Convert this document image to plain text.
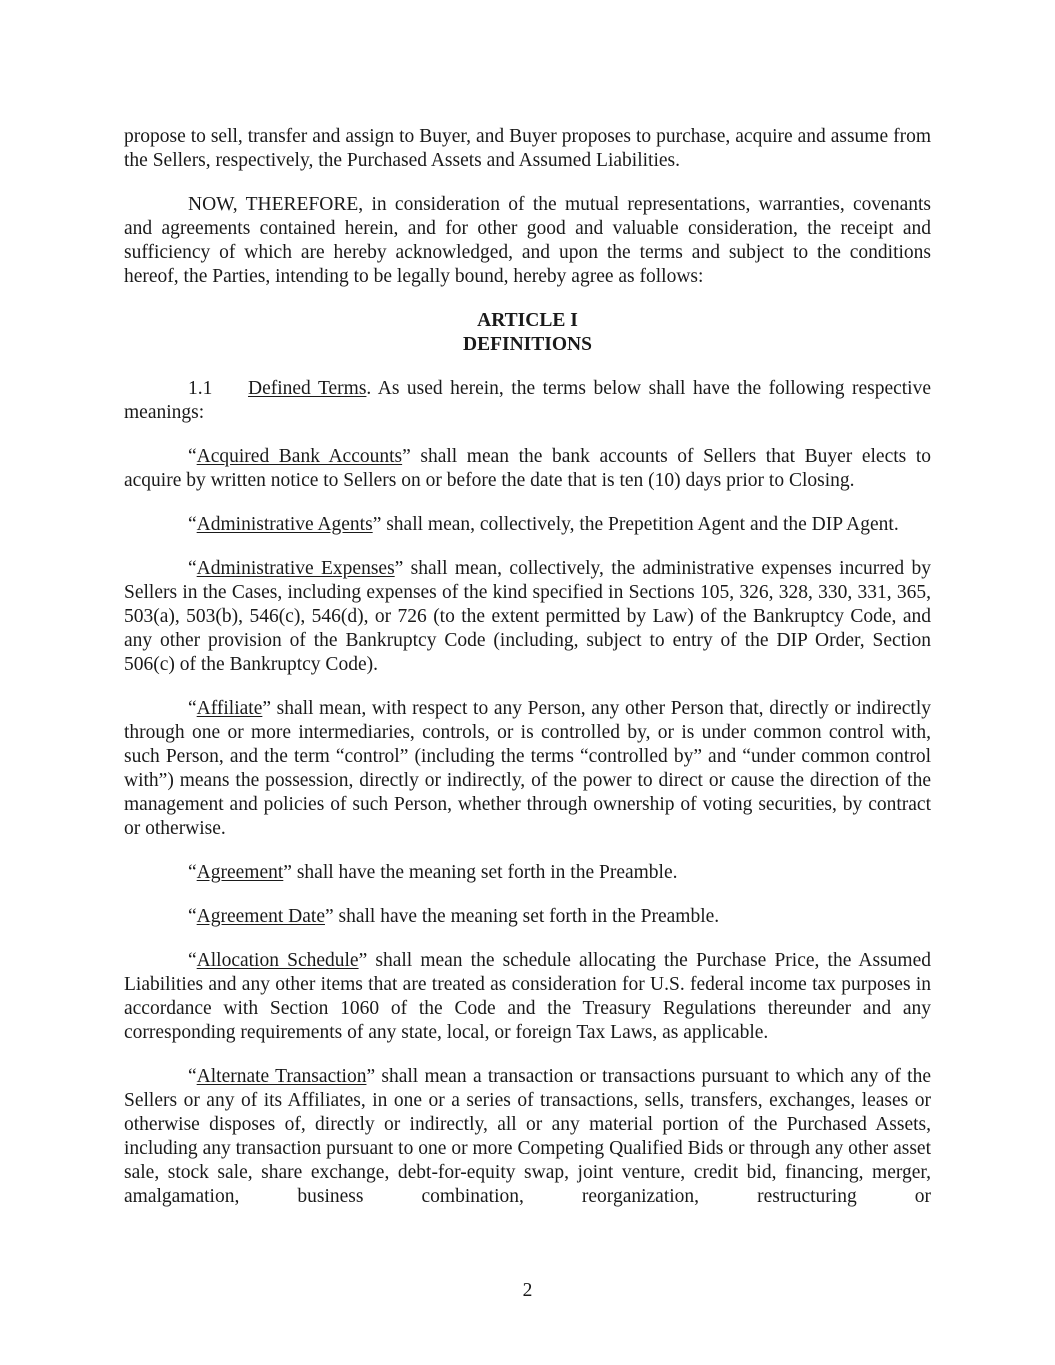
propose to sell, transfer and assign to Buyer, and Buyer proposes to purchase, acquire and assume from the Sellers, respectively, the Purchased Assets and Assumed Liabilities.

NOW, THEREFORE, in consideration of the mutual representations, warranties, covenants and agreements contained herein, and for other good and valuable consideration, the receipt and sufficiency of which are hereby acknowledged, and upon the terms and subject to the conditions hereof, the Parties, intending to be legally bound, hereby agree as follows:

ARTICLE I
DEFINITIONS

1.1 Defined Terms. As used herein, the terms below shall have the following respective meanings:

“Acquired Bank Accounts” shall mean the bank accounts of Sellers that Buyer elects to acquire by written notice to Sellers on or before the date that is ten (10) days prior to Closing.

“Administrative Agents” shall mean, collectively, the Prepetition Agent and the DIP Agent.

“Administrative Expenses” shall mean, collectively, the administrative expenses incurred by Sellers in the Cases, including expenses of the kind specified in Sections 105, 326, 328, 330, 331, 365, 503(a), 503(b), 546(c), 546(d), or 726 (to the extent permitted by Law) of the Bankruptcy Code, and any other provision of the Bankruptcy Code (including, subject to entry of the DIP Order, Section 506(c) of the Bankruptcy Code).

“Affiliate” shall mean, with respect to any Person, any other Person that, directly or indirectly through one or more intermediaries, controls, or is controlled by, or is under common control with, such Person, and the term “control” (including the terms “controlled by” and “under common control with”) means the possession, directly or indirectly, of the power to direct or cause the direction of the management and policies of such Person, whether through ownership of voting securities, by contract or otherwise.

“Agreement” shall have the meaning set forth in the Preamble.

“Agreement Date” shall have the meaning set forth in the Preamble.

“Allocation Schedule” shall mean the schedule allocating the Purchase Price, the Assumed Liabilities and any other items that are treated as consideration for U.S. federal income tax purposes in accordance with Section 1060 of the Code and the Treasury Regulations thereunder and any corresponding requirements of any state, local, or foreign Tax Laws, as applicable.

“Alternate Transaction” shall mean a transaction or transactions pursuant to which any of the Sellers or any of its Affiliates, in one or a series of transactions, sells, transfers, exchanges, leases or otherwise disposes of, directly or indirectly, all or any material portion of the Purchased Assets, including any transaction pursuant to one or more Competing Qualified Bids or through any other asset sale, stock sale, share exchange, debt-for-equity swap, joint venture, credit bid, financing, merger, amalgamation, business combination, reorganization, restructuring or

2
